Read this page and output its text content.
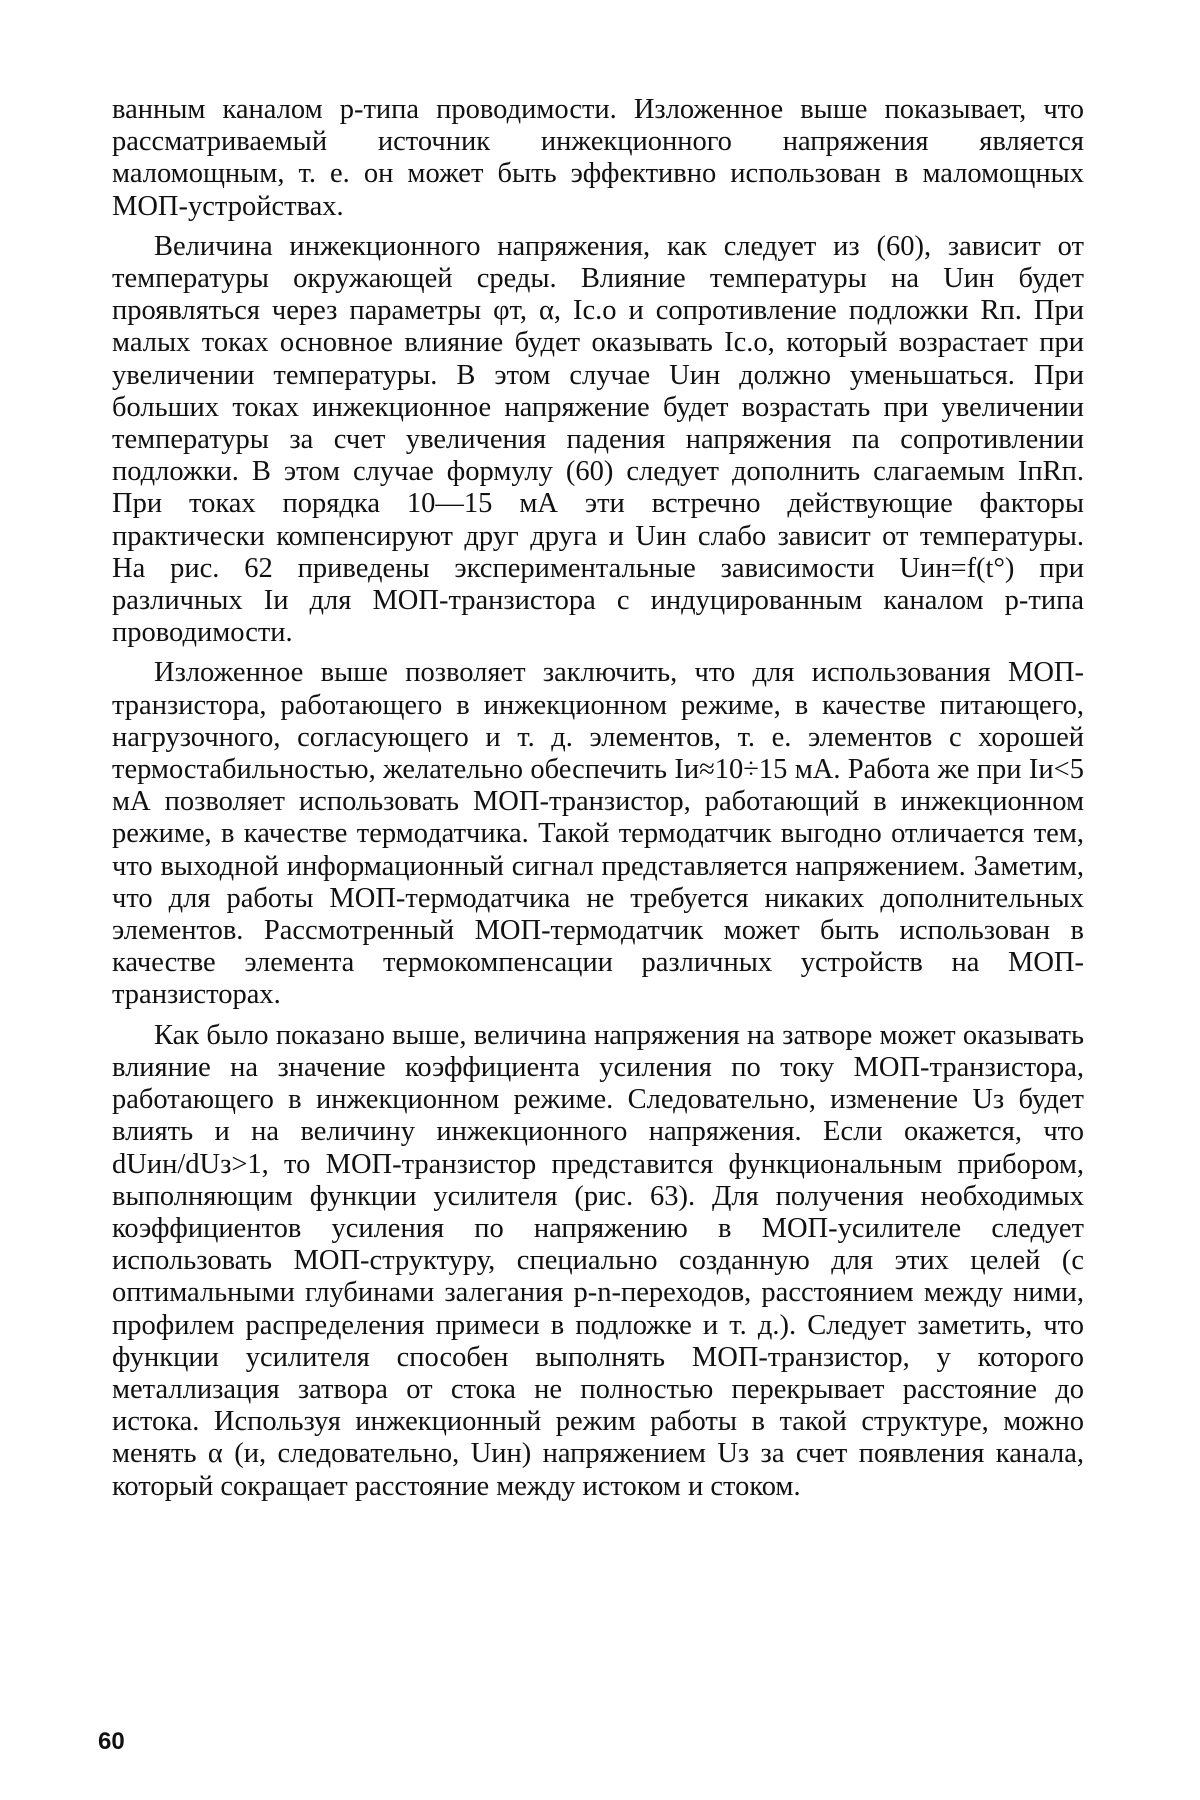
ванным каналом p-типа проводимости. Изложенное выше показывает, что рассматриваемый источник инжекционного напряжения является маломощным, т. е. он может быть эффективно использован в маломощных МОП-устройствах.

Величина инжекционного напряжения, как следует из (60), зависит от температуры окружающей среды. Влияние температуры на Uин будет проявляться через параметры φт, α, Iс.о и сопротивление подложки Rп. При малых токах основное влияние будет оказывать Iс.о, который возрастает при увеличении температуры. В этом случае Uин должно уменьшаться. При больших токах инжекционное напряжение будет возрастать при увеличении температуры за счет увеличения падения напряжения па сопротивлении подложки. В этом случае формулу (60) следует дополнить слагаемым IпRп. При токах порядка 10—15 мА эти встречно действующие факторы практически компенсируют друг друга и Uин слабо зависит от температуры. На рис. 62 приведены экспериментальные зависимости Uин=f(t°) при различных Iи для МОП-транзистора с индуцированным каналом p-типа проводимости.

Изложенное выше позволяет заключить, что для использования МОП-транзистора, работающего в инжекционном режиме, в качестве питающего, нагрузочного, согласующего и т. д. элементов, т. е. элементов с хорошей термостабильностью, желательно обеспечить Iи≈10÷15 мА. Работа же при Iи<5 мА позволяет использовать МОП-транзистор, работающий в инжекционном режиме, в качестве термодатчика. Такой термодатчик выгодно отличается тем, что выходной информационный сигнал представляется напряжением. Заметим, что для работы МОП-термодатчика не требуется никаких дополнительных элементов. Рассмотренный МОП-термодатчик может быть использован в качестве элемента термокомпенсации различных устройств на МОП-транзисторах.

Как было показано выше, величина напряжения на затворе может оказывать влияние на значение коэффициента усиления по току МОП-транзистора, работающего в инжекционном режиме. Следовательно, изменение Uз будет влиять и на величину инжекционного напряжения. Если окажется, что dUин/dUз>1, то МОП-транзистор представится функциональным прибором, выполняющим функции усилителя (рис. 63). Для получения необходимых коэффициентов усиления по напряжению в МОП-усилителе следует использовать МОП-структуру, специально созданную для этих целей (с оптимальными глубинами залегания p-n-переходов, расстоянием между ними, профилем распределения примеси в подложке и т. д.). Следует заметить, что функции усилителя способен выполнять МОП-транзистор, у которого металлизация затвора от стока не полностью перекрывает расстояние до истока. Используя инжекционный режим работы в такой структуре, можно менять α (и, следовательно, Uин) напряжением Uз за счет появления канала, который сокращает расстояние между истоком и стоком.

60
